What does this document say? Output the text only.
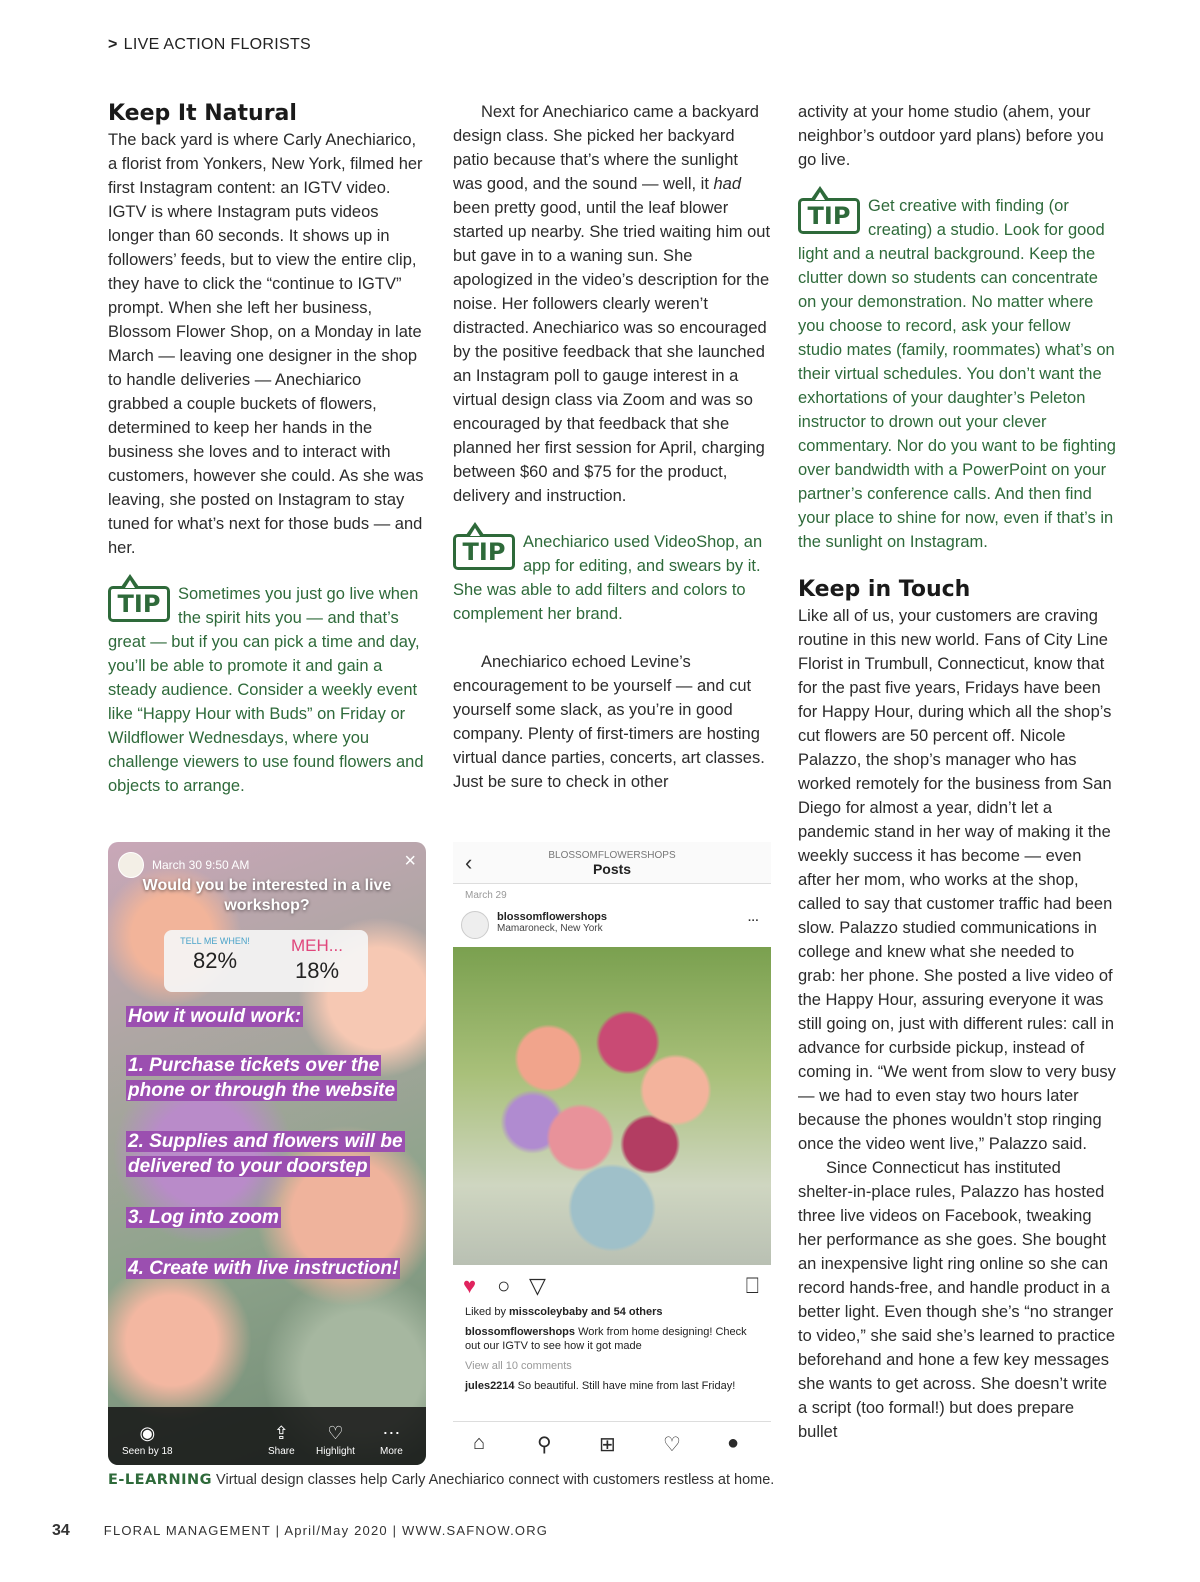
> LIVE ACTION FLORISTS
Keep It Natural

The back yard is where Carly Anechiarico, a florist from Yonkers, New York, filmed her first Instagram content: an IGTV video. IGTV is where Instagram puts videos longer than 60 seconds. It shows up in followers’ feeds, but to view the entire clip, they have to click the “continue to IGTV” prompt. When she left her business, Blossom Flower Shop, on a Monday in late March — leaving one designer in the shop to handle deliveries — Anechiarico grabbed a couple buckets of flowers, determined to keep her hands in the business she loves and to interact with customers, however she could. As she was leaving, she posted on Instagram to stay tuned for what’s next for those buds — and her.

TIP	Sometimes you just go live when the spirit hits you — and that’s great — but if you can pick a time and day, you’ll be able to promote it and gain a steady audience. Consider a weekly event like “Happy Hour with Buds” on Friday or Wildflower Wednesdays, where you challenge viewers to use found flowers and objects to arrange.

Next for Anechiarico came a backyard design class. She picked her backyard patio because that’s where the sunlight was good, and the sound — well, it had been pretty good, until the leaf blower started up nearby. She tried waiting him out but gave in to a waning sun. She apologized in the video’s description for the noise. Her followers clearly weren’t distracted. Anechiarico was so encouraged by the positive feedback that she launched an Instagram poll to gauge interest in a virtual design class via Zoom and was so encouraged by that feedback that she planned her first session for April, charging between $60 and $75 for the product, delivery and instruction.

TIP	Anechiarico used VideoShop, an app for editing, and swears by it. She was able to add filters and colors to complement her brand.

Anechiarico echoed Levine’s encouragement to be yourself — and cut yourself some slack, as you’re in good company. Plenty of first-timers are hosting virtual dance parties, concerts, art classes. Just be sure to check in other

activity at your home studio (ahem, your neighbor’s outdoor yard plans) before you go live.

TIP	Get creative with finding (or creating) a studio. Look for good light and a neutral background. Keep the clutter down so students can concentrate on your demonstration. No matter where you choose to record, ask your fellow studio mates (family, roommates) what’s on their virtual schedules. You don’t want the exhortations of your daughter’s Peleton instructor to drown out your clever commentary. Nor do you want to be fighting over bandwidth with a PowerPoint on your partner’s conference calls. And then find your place to shine for now, even if that’s in the sunlight on Instagram.
Keep in Touch

Like all of us, your customers are craving routine in this new world. Fans of City Line Florist in Trumbull, Connecticut, know that for the past five years, Fridays have been for Happy Hour, during which all the shop’s cut flowers are 50 percent off. Nicole Palazzo, the shop’s manager who has worked remotely for the business from San Diego for almost a year, didn’t let a pandemic stand in her way of making it the weekly success it has become — even after her mom, who works at the shop, called to say that customer traffic had been slow. Palazzo studied communications in college and knew what she needed to grab: her phone. She posted a live video of the Happy Hour, assuring everyone it was still going on, just with different rules: call in advance for curbside pickup, instead of coming in. “We went from slow to very busy — we had to even stay two hours later because the phones wouldn’t stop ringing once the video went live,” Palazzo said.

Since Connecticut has instituted shelter-in-place rules, Palazzo has hosted three live videos on Facebook, tweaking her performance as she goes. She bought an inexpensive light ring online so she can record hands-free, and handle product in a better light. Even though she’s “no stranger to video,” she said she’s learned to practice beforehand and hone a few key messages she wants to get across. She doesn’t write a script (too formal!) but does prepare bullet

March 30 9:50 AM	×
Would you be interested in a live workshop?
TELL ME WHEN!
82%
MEH...
18%
How it would work:
1. Purchase tickets over the phone or through the website
2. Supplies and flowers will be delivered to your doorstep
3. Log into zoom
4. Create with live instruction!
◉
Seen by 18
⇪
Share
♡
Highlight
⋯
More
‹	BLOSSOMFLOWERSHOPS
Posts
March 29
blossomflowershops
Mamaroneck, New York
···
♥ ○ ▽	⎕
Liked by misscoleybaby and 54 others
blossomflowershops Work from home designing! Check out our IGTV to see how it got made
View all 10 comments
jules2214 So beautiful. Still have mine from last Friday!
⌂	⚲ ⊞ ♡ ●
E-LEARNING Virtual design classes help Carly Anechiarico connect with customers restless at home.
34	FLORAL MANAGEMENT | April/May 2020 | WWW.SAFNOW.ORG
